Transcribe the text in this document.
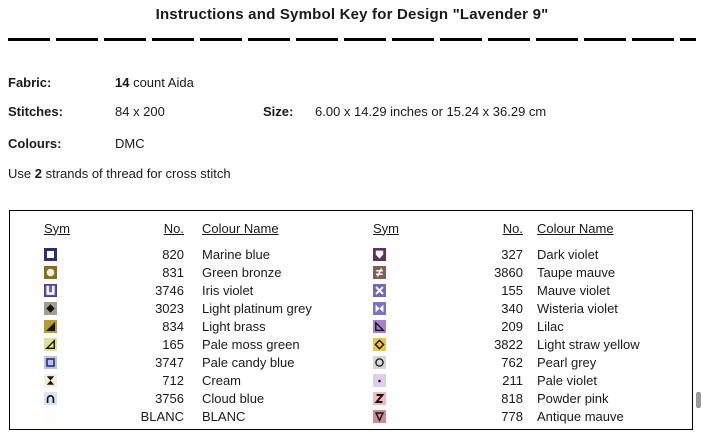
Instructions and Symbol Key for Design "Lavender 9"
Fabric:	14 count Aida
Stitches:	84 x 200	Size:	6.00 x 14.29 inches or 15.24 x 36.29 cm
Colours:	DMC
Use 2 strands of thread for cross stitch
Sym	No. Colour Name
820 Marine blue
831 Green bronze
3746 Iris violet
3023 Light platinum grey
834 Light brass
165 Pale moss green
3747 Pale candy blue
712 Cream
3756 Cloud blue
BLANC BLANC
Sym	No. Colour Name
327 Dark violet
3860 Taupe mauve
155 Mauve violet
340 Wisteria violet
209 Lilac
3822 Light straw yellow
762 Pearl grey
211 Pale violet
818 Powder pink
778 Antique mauve
